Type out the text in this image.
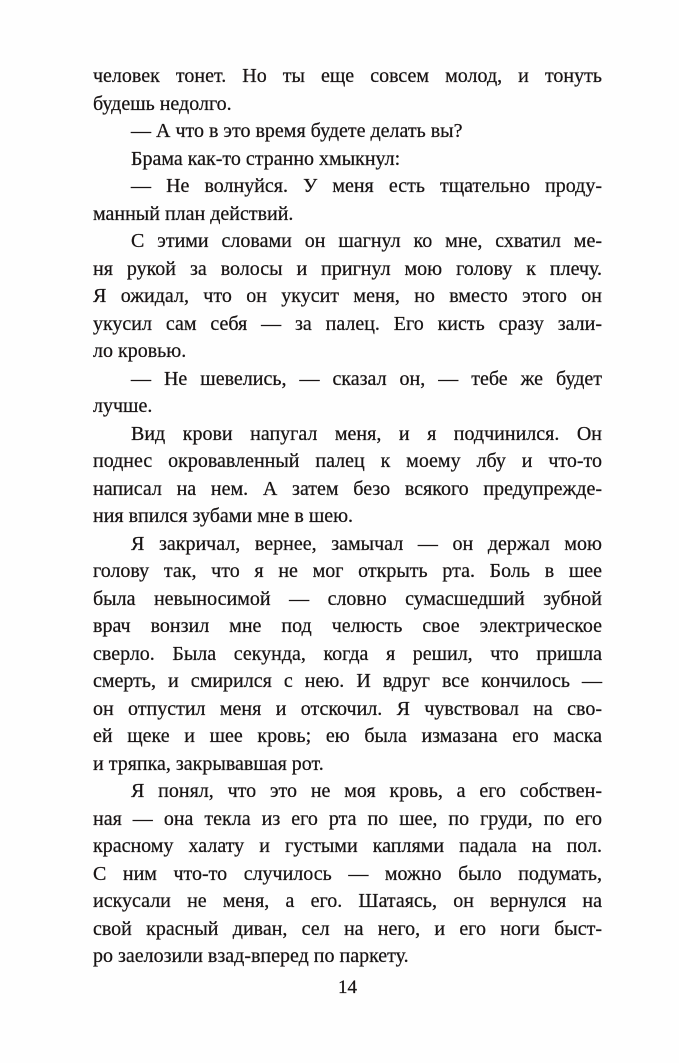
человек тонет. Но ты еще совсем молод, и тонуть
будешь недолго.

— А что в это время будете делать вы?

Брама как-то странно хмыкнул:

— Не волнуйся. У меня есть тщательно проду-
манный план действий.

С этими словами он шагнул ко мне, схватил ме-
ня рукой за волосы и пригнул мою голову к плечу.
Я ожидал, что он укусит меня, но вместо этого он
укусил сам себя — за палец. Его кисть сразу зали-
ло кровью.

— Не шевелись, — сказал он, — тебе же будет
лучше.

Вид крови напугал меня, и я подчинился. Он
поднес окровавленный палец к моему лбу и что-то
написал на нем. А затем безо всякого предупрежде-
ния впился зубами мне в шею.

Я закричал, вернее, замычал — он держал мою
голову так, что я не мог открыть рта. Боль в шее
была невыносимой — словно сумасшедший зубной
врач вонзил мне под челюсть свое электрическое
сверло. Была секунда, когда я решил, что пришла
смерть, и смирился с нею. И вдруг все кончилось —
он отпустил меня и отскочил. Я чувствовал на сво-
ей щеке и шее кровь; ею была измазана его маска
и тряпка, закрывавшая рот.

Я понял, что это не моя кровь, а его собствен-
ная — она текла из его рта по шее, по груди, по его
красному халату и густыми каплями падала на пол.
С ним что-то случилось — можно было подумать,
искусали не меня, а его. Шатаясь, он вернулся на
свой красный диван, сел на него, и его ноги быст-
ро заелозили взад-вперед по паркету.

14
